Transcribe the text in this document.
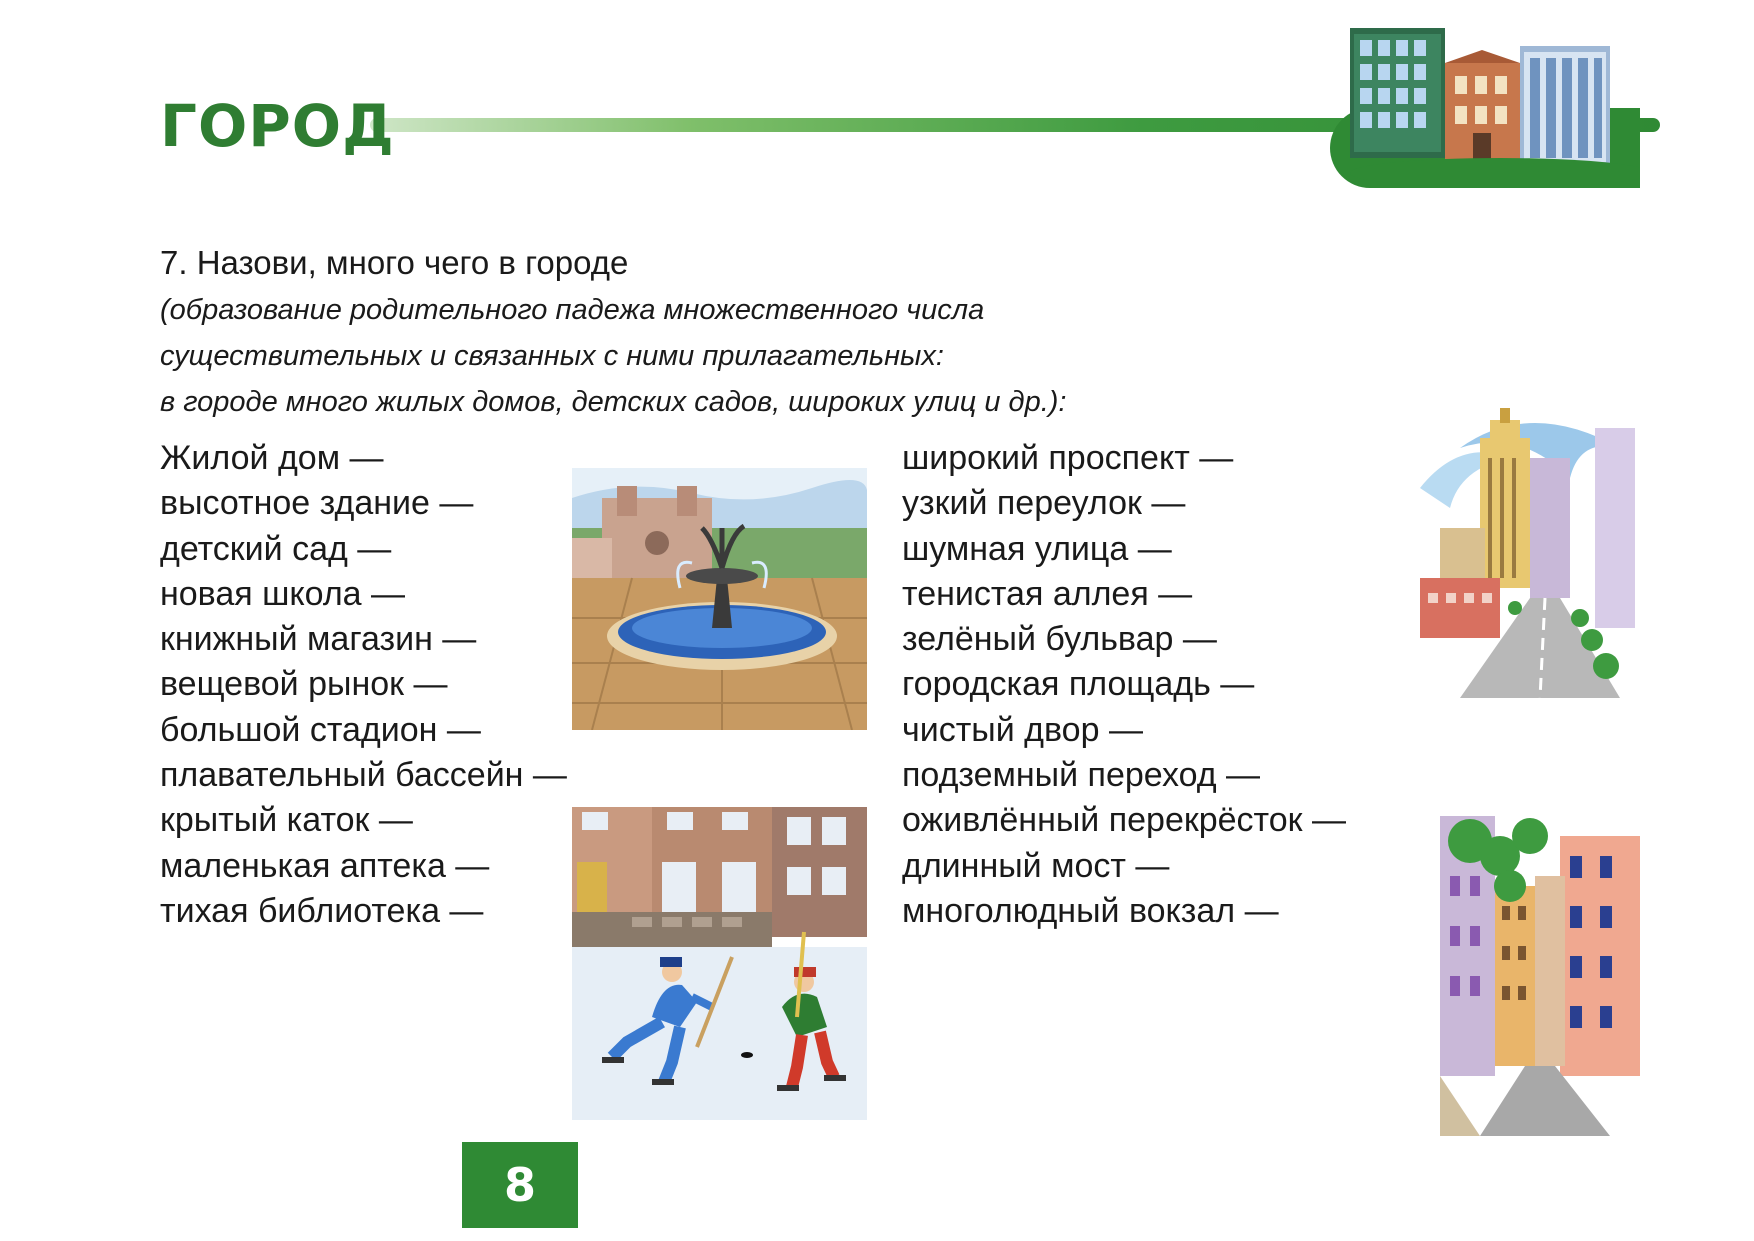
ГОРОД
7. Назови, много чего в городе
(образование родительного падежа множественного числа
существительных и связанных с ними прилагательных:
в городе много жилых домов, детских садов, широких улиц и др.):
Жилой дом —
высотное здание —
детский сад —
новая школа —
книжный магазин —
вещевой рынок —
большой стадион —
плавательный бассейн —
крытый каток —
маленькая аптека —
тихая библиотека —
широкий проспект —
узкий переулок —
шумная улица —
тенистая аллея —
зелёный бульвар —
городская площадь —
чистый двор —
подземный переход —
оживлённый перекрёсток —
длинный мост —
многолюдный вокзал —
8
